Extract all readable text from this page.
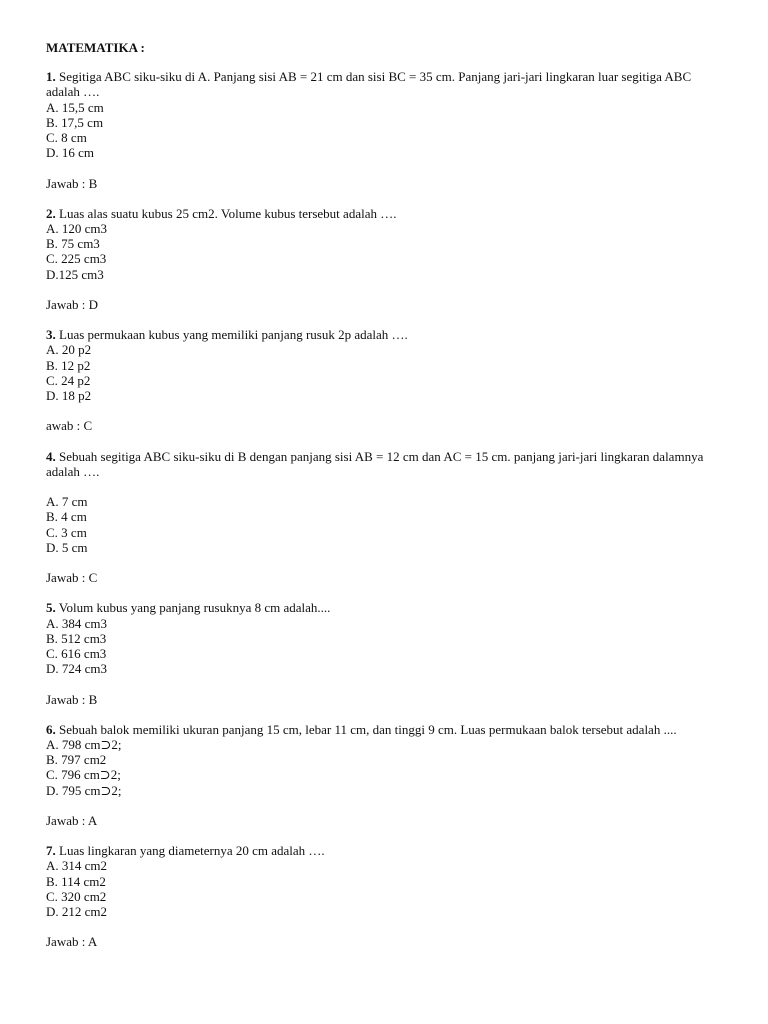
MATEMATIKA :

1. Segitiga ABC siku-siku di A. Panjang sisi AB = 21 cm dan sisi BC = 35 cm. Panjang jari-jari lingkaran luar segitiga ABC adalah ….

A. 15,5 cm
B. 17,5 cm
C. 8 cm
D. 16 cm

Jawab : B

2. Luas alas suatu kubus 25 cm2. Volume kubus tersebut adalah ….

A. 120 cm3
B. 75 cm3
C. 225 cm3
D.125 cm3

Jawab : D

3. Luas permukaan kubus yang memiliki panjang rusuk 2p adalah ….

A. 20 p2
B. 12 p2
C. 24 p2
D. 18 p2

awab : C

4. Sebuah segitiga ABC siku-siku di B dengan panjang sisi AB = 12 cm dan AC = 15 cm. panjang jari-jari lingkaran dalamnya adalah ….

A. 7 cm
B. 4 cm
C. 3 cm
D. 5 cm

Jawab : C

5. Volum kubus yang panjang rusuknya 8 cm adalah....

A. 384 cm3
B. 512 cm3
C. 616 cm3
D. 724 cm3

Jawab : B

6. Sebuah balok memiliki ukuran panjang 15 cm, lebar 11 cm, dan tinggi 9 cm. Luas permukaan balok tersebut adalah ....

A. 798 cm⊃2;
B. 797 cm2
C. 796 cm⊃2;
D. 795 cm⊃2;

Jawab : A

7. Luas lingkaran yang diameternya 20 cm adalah ….

A. 314 cm2
B. 114 cm2
C. 320 cm2
D. 212 cm2

Jawab : A
